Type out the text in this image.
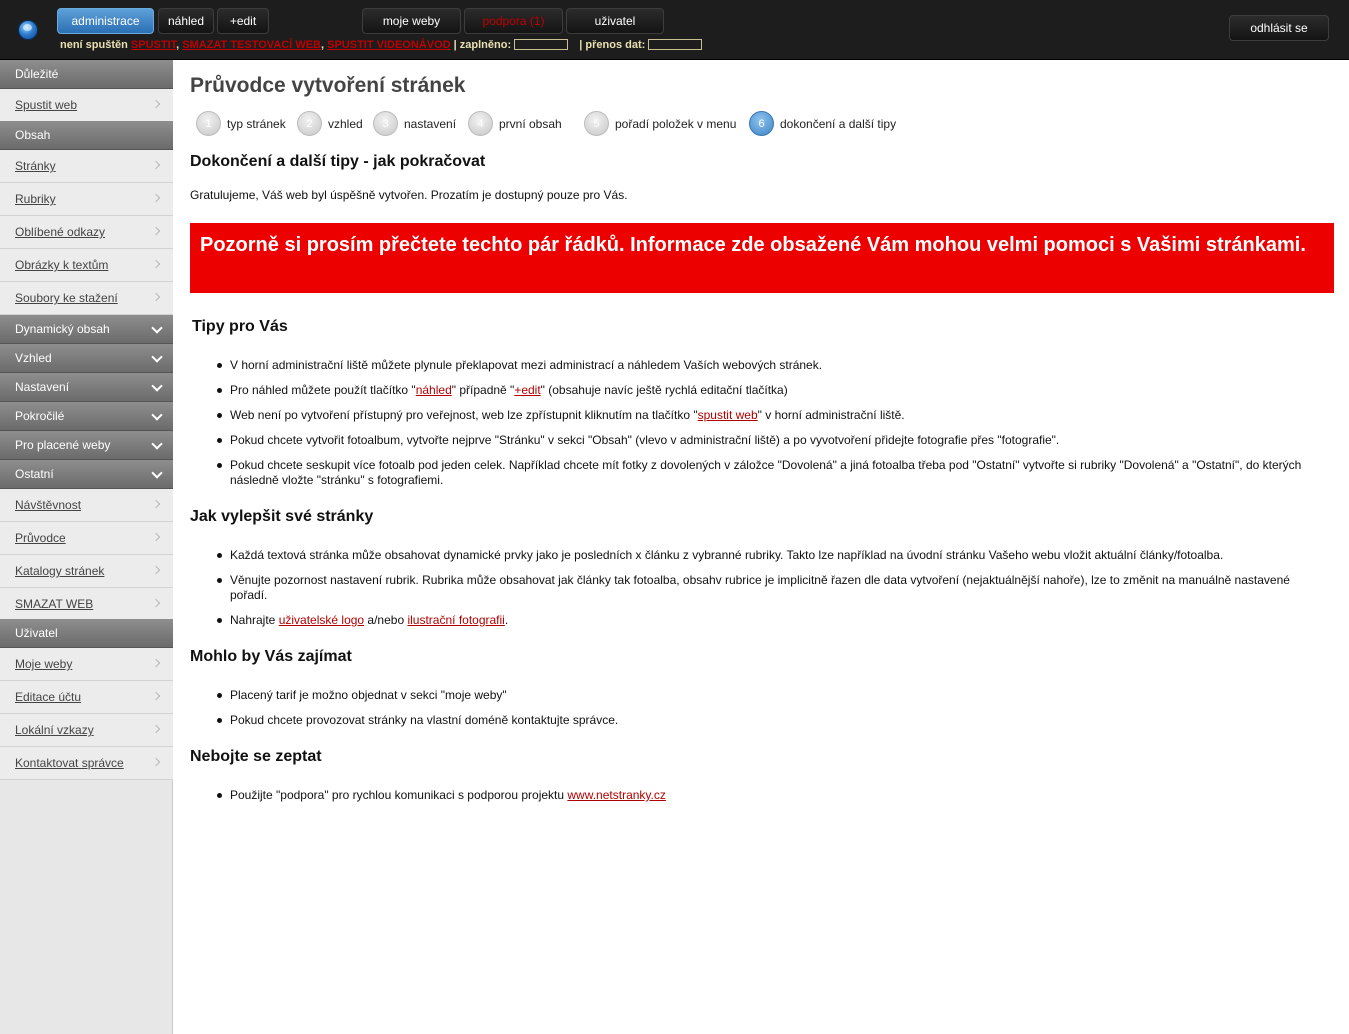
administrace	náhled	+edit	moje weby	podpora (1)	uživatel	odhlásit se
není spuštěn SPUSTIT, SMAZAT TESTOVACÍ WEB, SPUSTIT VIDEONÁVOD | zaplněno:	| přenos dat:
Důležité
Spustit web
Obsah
Stránky
Rubriky
Oblíbené odkazy
Obrázky k textům
Soubory ke stažení
Dynamický obsah
Vzhled
Nastavení
Pokročilé
Pro placené weby
Ostatní
Návštěvnost
Průvodce
Katalogy stránek
SMAZAT WEB
Uživatel
Moje weby
Editace účtu
Lokální vzkazy
Kontaktovat správce
Průvodce vytvoření stránek
1	typ stránek	2	vzhled	3	nastavení	4	první obsah	5	pořadí položek v menu	6	dokončení a další tipy
Dokončení a další tipy - jak pokračovat
Gratulujeme, Váš web byl úspěšně vytvořen. Prozatím je dostupný pouze pro Vás.
Pozorně si prosím přečtete techto pár řádků. Informace zde obsažené Vám mohou velmi pomoci s Vašimi stránkami.
Tipy pro Vás
V horní administrační liště můžete plynule překlapovat mezi administrací a náhledem Vaších webových stránek.
Pro náhled můžete použít tlačítko "náhled" případně "+edit" (obsahuje navíc ještě rychlá editační tlačítka)
Web není po vytvoření přístupný pro veřejnost, web lze zpřístupnit kliknutím na tlačítko "spustit web" v horní administrační liště.
Pokud chcete vytvořit fotoalbum, vytvořte nejprve "Stránku" v sekci "Obsah" (vlevo v administrační liště) a po vyvotvoření přidejte fotografie přes "fotografie".
Pokud chcete seskupit více fotoalb pod jeden celek. Například chcete mít fotky z dovolených v záložce "Dovolená" a jiná fotoalba třeba pod "Ostatní" vytvořte si rubriky "Dovolená" a "Ostatní", do kterých následně vložte "stránku" s fotografiemi.
Jak vylepšit své stránky
Každá textová stránka může obsahovat dynamické prvky jako je posledních x článku z vybranné rubriky. Takto lze například na úvodní stránku Vašeho webu vložit aktuální články/fotoalba.
Věnujte pozornost nastavení rubrik. Rubrika může obsahovat jak články tak fotoalba, obsahv rubrice je implicitně řazen dle data vytvoření (nejaktuálnější nahoře), lze to změnit na manuálně nastavené pořadí.
Nahrajte uživatelské logo a/nebo ilustrační fotografii.
Mohlo by Vás zajímat
Placený tarif je možno objednat v sekci "moje weby"
Pokud chcete provozovat stránky na vlastní doméně kontaktujte správce.
Nebojte se zeptat
Použijte "podpora" pro rychlou komunikaci s podporou projektu www.netstranky.cz
